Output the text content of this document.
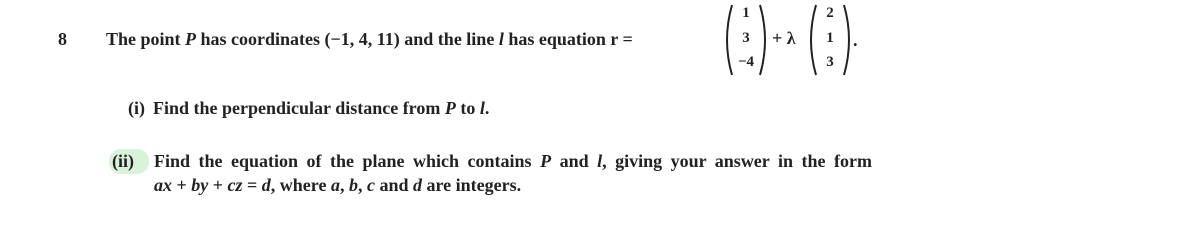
8 The point P has coordinates (−1, 4, 11) and the line l has equation r =
1
3
−4
+ λ
2
1
3
.
(i) Find the perpendicular distance from P to l.
(ii) Find the equation of the plane which contains P and l, giving your answer in the form
ax + by + cz = d, where a, b, c and d are integers.
